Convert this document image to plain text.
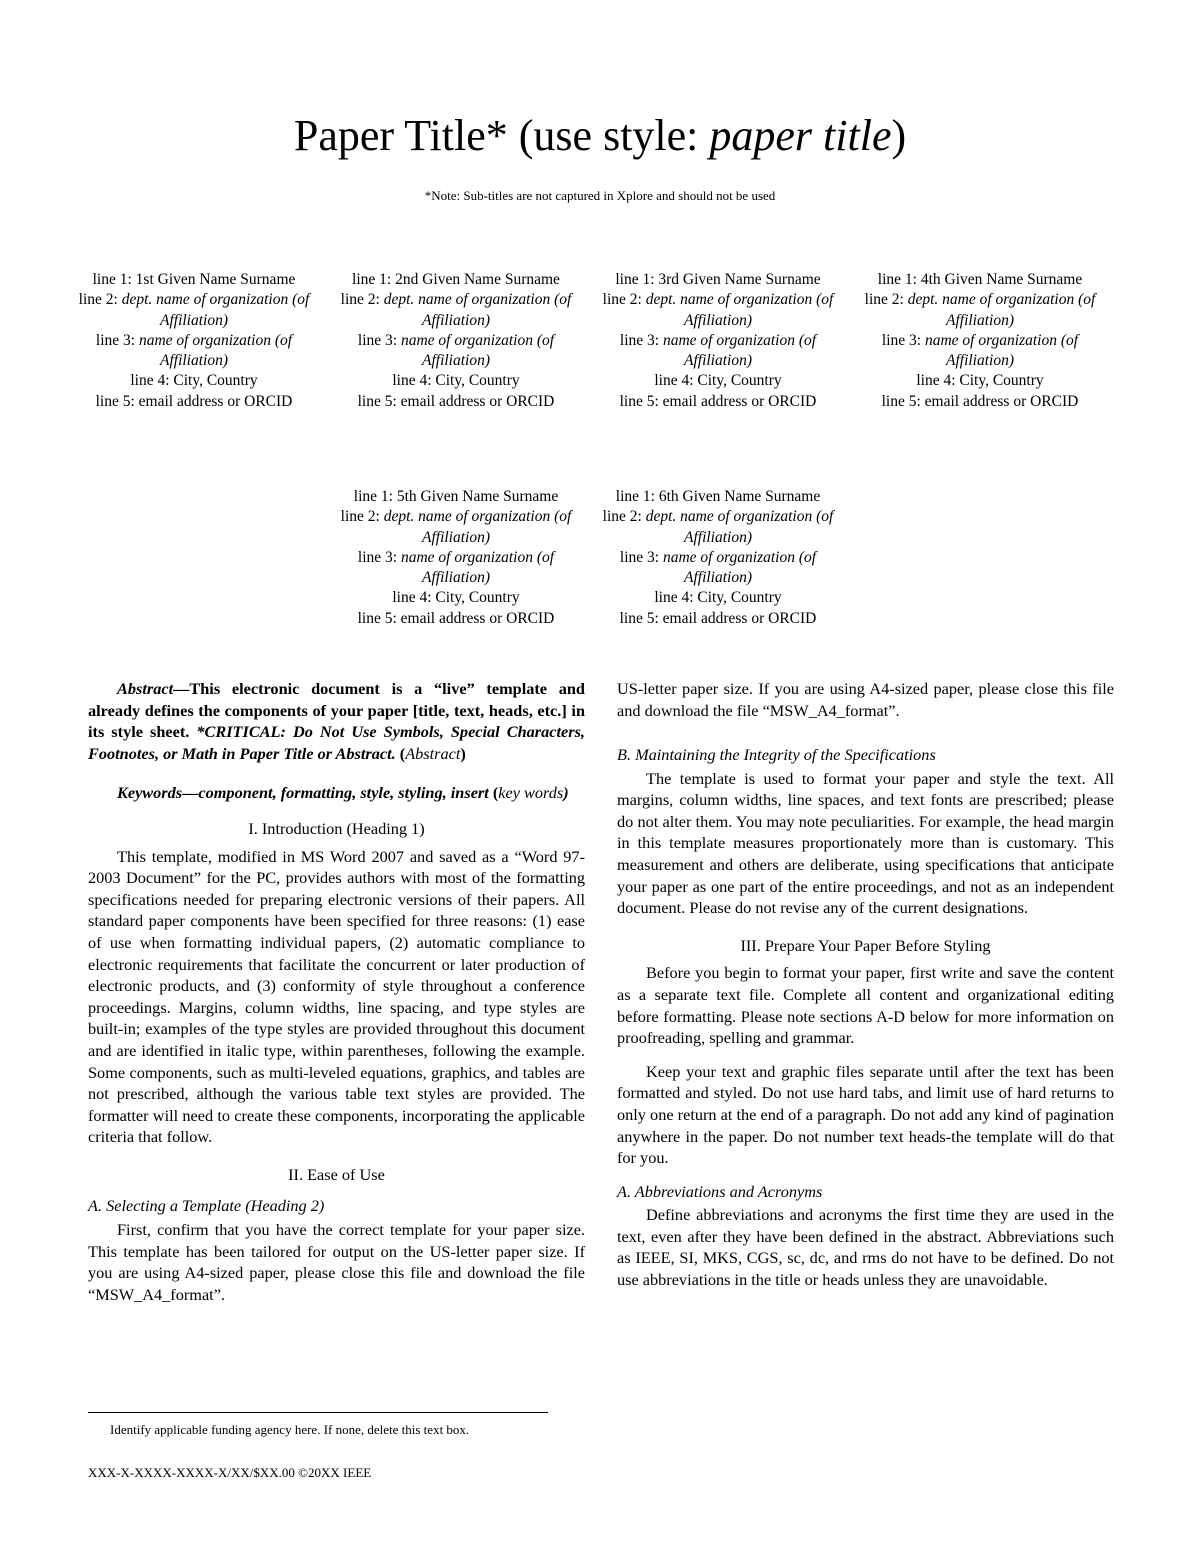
Paper Title* (use style: paper title)
*Note: Sub-titles are not captured in Xplore and should not be used
line 1: 1st Given Name Surname
line 2: dept. name of organization (of Affiliation)
line 3: name of organization (of Affiliation)
line 4: City, Country
line 5: email address or ORCID
line 1: 2nd Given Name Surname
line 2: dept. name of organization (of Affiliation)
line 3: name of organization (of Affiliation)
line 4: City, Country
line 5: email address or ORCID
line 1: 3rd Given Name Surname
line 2: dept. name of organization (of Affiliation)
line 3: name of organization (of Affiliation)
line 4: City, Country
line 5: email address or ORCID
line 1: 4th Given Name Surname
line 2: dept. name of organization (of Affiliation)
line 3: name of organization (of Affiliation)
line 4: City, Country
line 5: email address or ORCID
line 1: 5th Given Name Surname
line 2: dept. name of organization (of Affiliation)
line 3: name of organization (of Affiliation)
line 4: City, Country
line 5: email address or ORCID
line 1: 6th Given Name Surname
line 2: dept. name of organization (of Affiliation)
line 3: name of organization (of Affiliation)
line 4: City, Country
line 5: email address or ORCID

Abstract—This electronic document is a “live” template and already defines the components of your paper [title, text, heads, etc.] in its style sheet. *CRITICAL: Do Not Use Symbols, Special Characters, Footnotes, or Math in Paper Title or Abstract. (Abstract)

Keywords—component, formatting, style, styling, insert (key words)

I. Introduction (Heading 1)

This template, modified in MS Word 2007 and saved as a “Word 97-2003 Document” for the PC, provides authors with most of the formatting specifications needed for preparing electronic versions of their papers. All standard paper components have been specified for three reasons: (1) ease of use when formatting individual papers, (2) automatic compliance to electronic requirements that facilitate the concurrent or later production of electronic products, and (3) conformity of style throughout a conference proceedings. Margins, column widths, line spacing, and type styles are built-in; examples of the type styles are provided throughout this document and are identified in italic type, within parentheses, following the example. Some components, such as multi-leveled equations, graphics, and tables are not prescribed, although the various table text styles are provided. The formatter will need to create these components, incorporating the applicable criteria that follow.

II. Ease of Use

A. Selecting a Template (Heading 2)

First, confirm that you have the correct template for your paper size. This template has been tailored for output on the US-letter paper size. If you are using A4-sized paper, please close this file and download the file “MSW_A4_format”.

US-letter paper size. If you are using A4-sized paper, please close this file and download the file “MSW_A4_format”.

B. Maintaining the Integrity of the Specifications

The template is used to format your paper and style the text. All margins, column widths, line spaces, and text fonts are prescribed; please do not alter them. You may note peculiarities. For example, the head margin in this template measures proportionately more than is customary. This measurement and others are deliberate, using specifications that anticipate your paper as one part of the entire proceedings, and not as an independent document. Please do not revise any of the current designations.

III. Prepare Your Paper Before Styling

Before you begin to format your paper, first write and save the content as a separate text file. Complete all content and organizational editing before formatting. Please note sections A-D below for more information on proofreading, spelling and grammar.

Keep your text and graphic files separate until after the text has been formatted and styled. Do not use hard tabs, and limit use of hard returns to only one return at the end of a paragraph. Do not add any kind of pagination anywhere in the paper. Do not number text heads-the template will do that for you.

A. Abbreviations and Acronyms

Define abbreviations and acronyms the first time they are used in the text, even after they have been defined in the abstract. Abbreviations such as IEEE, SI, MKS, CGS, sc, dc, and rms do not have to be defined. Do not use abbreviations in the title or heads unless they are unavoidable.

Identify applicable funding agency here. If none, delete this text box.
XXX-X-XXXX-XXXX-X/XX/$XX.00 ©20XX IEEE
